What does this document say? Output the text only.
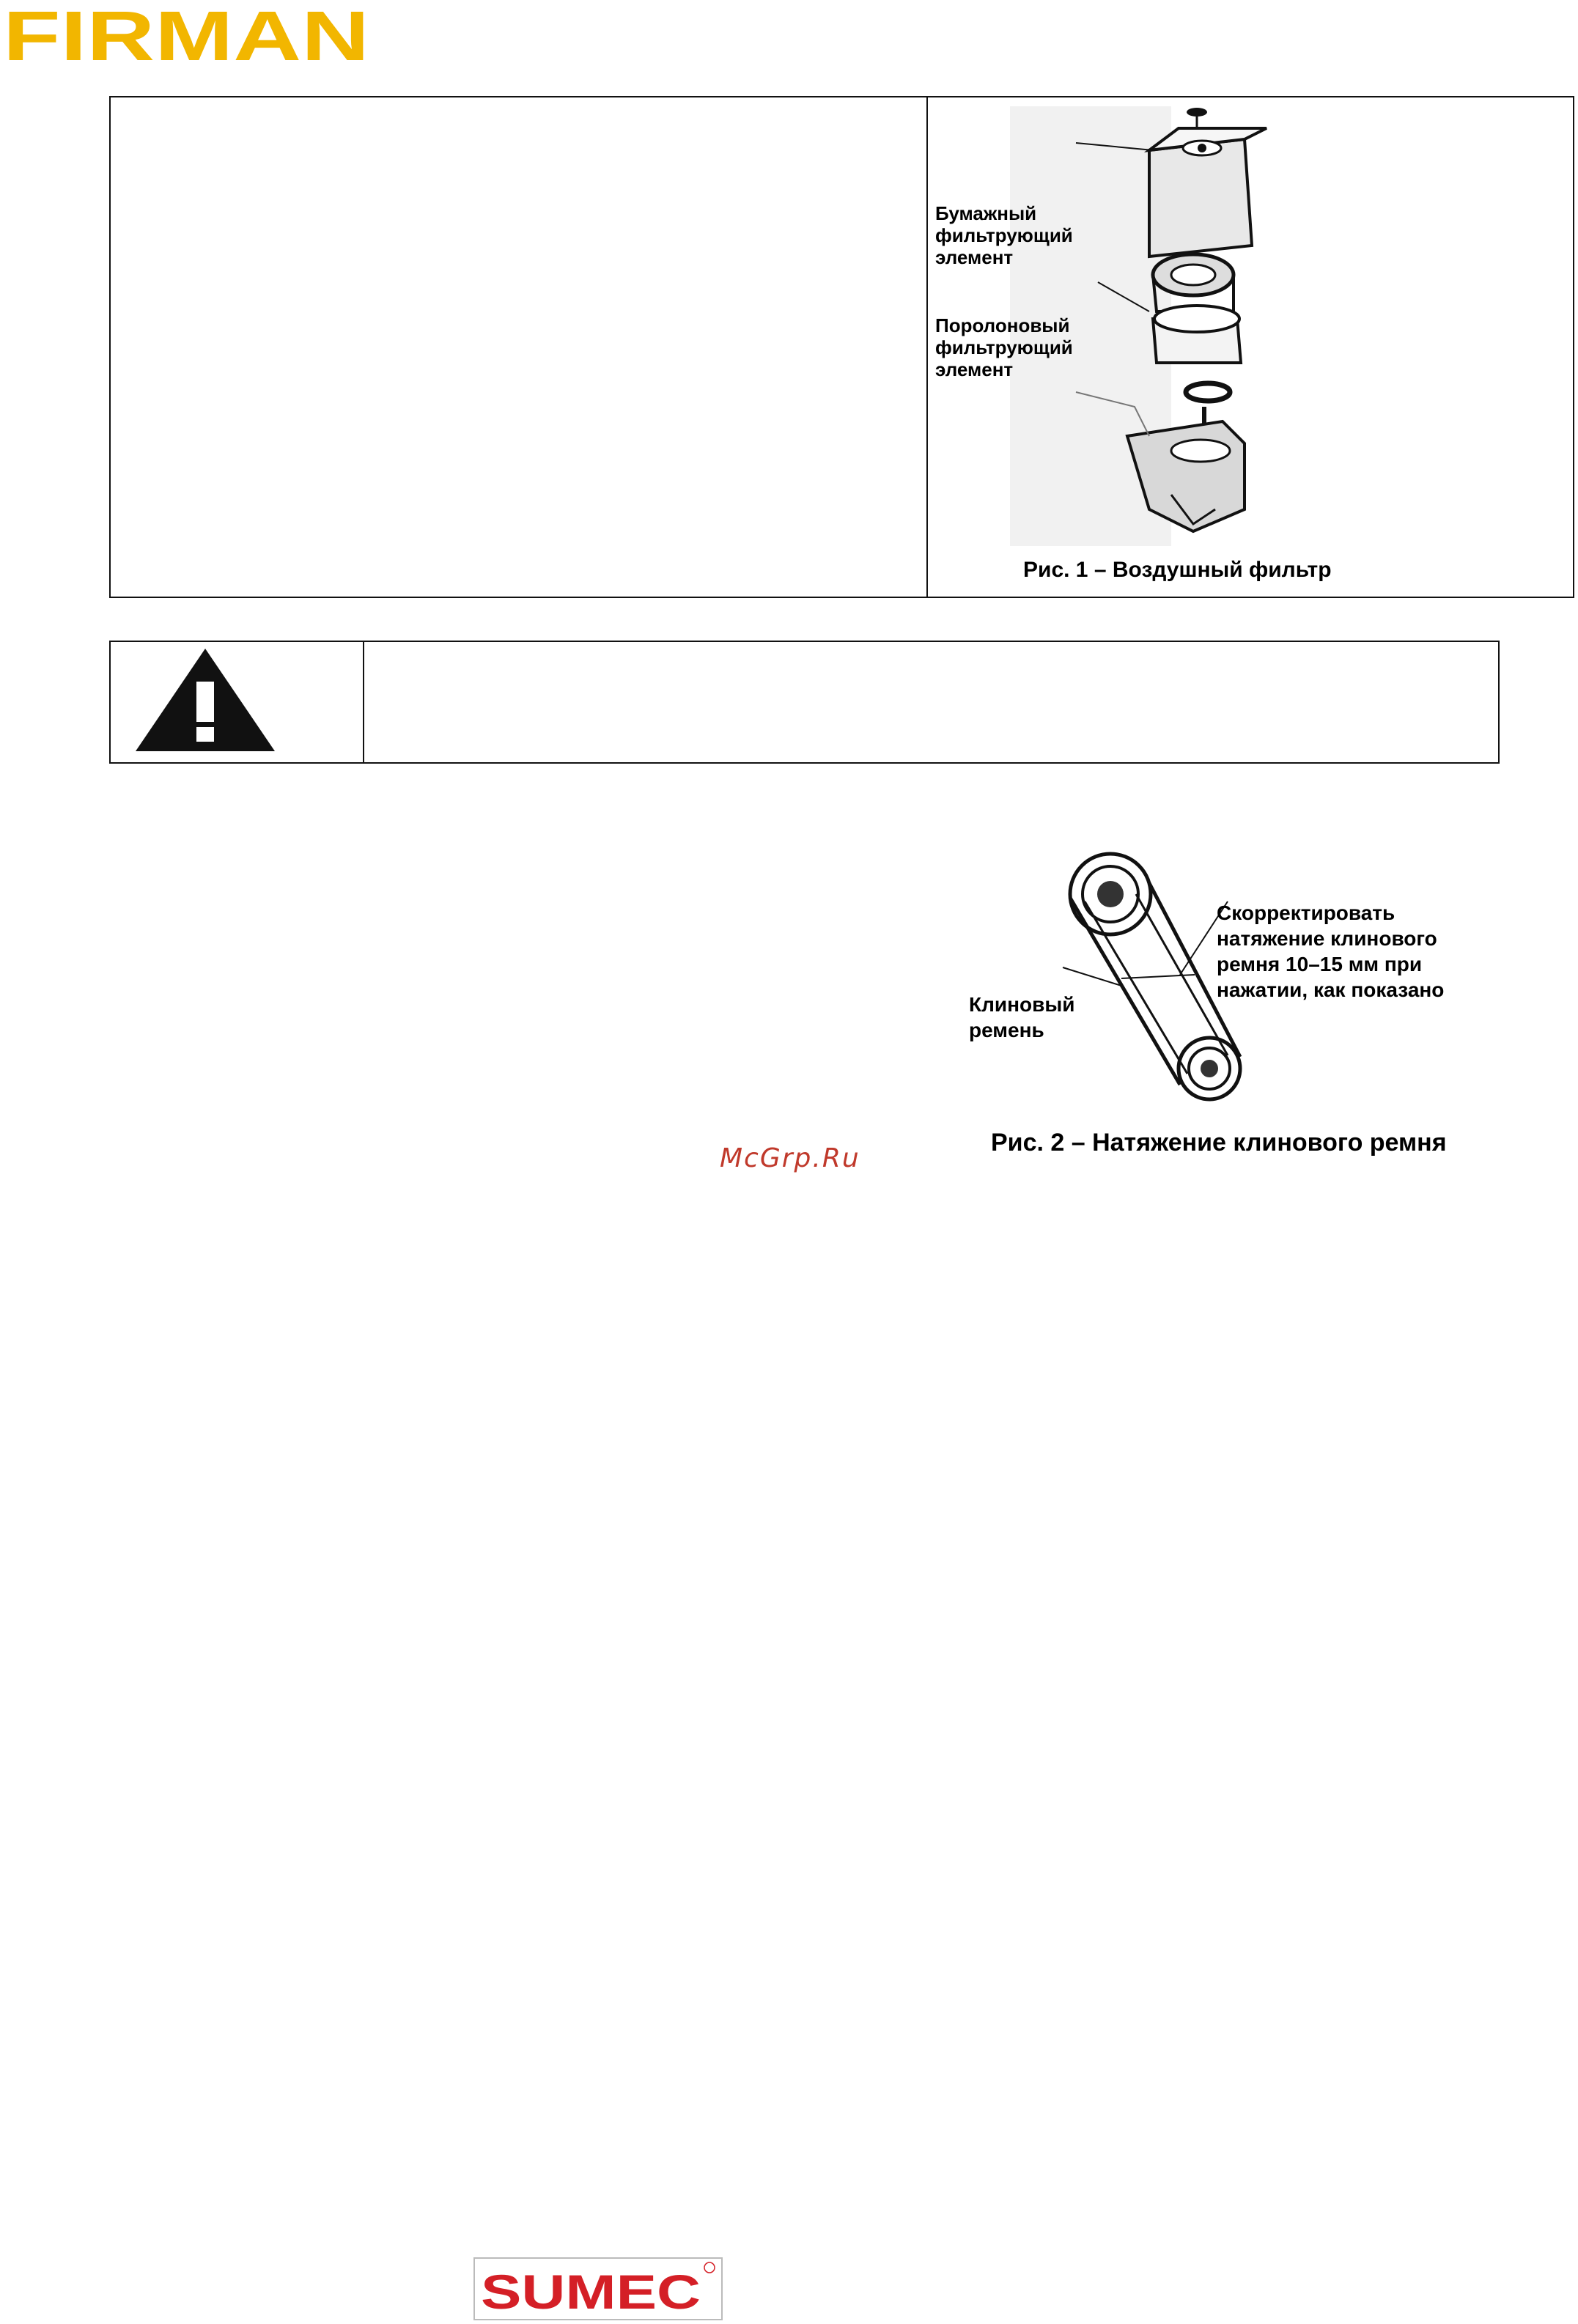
FIRMAN
Бумажный
фильтрующий
элемент
Поролоновый
фильтрующий
элемент
Рис. 1 – Воздушный фильтр
Скорректировать
натяжение клинового
ремня 10–15 мм при
нажатии, как показано
Клиновый
ремень
Рис. 2 – Натяжение клинового ремня
McGrp.Ru
SUMEC
